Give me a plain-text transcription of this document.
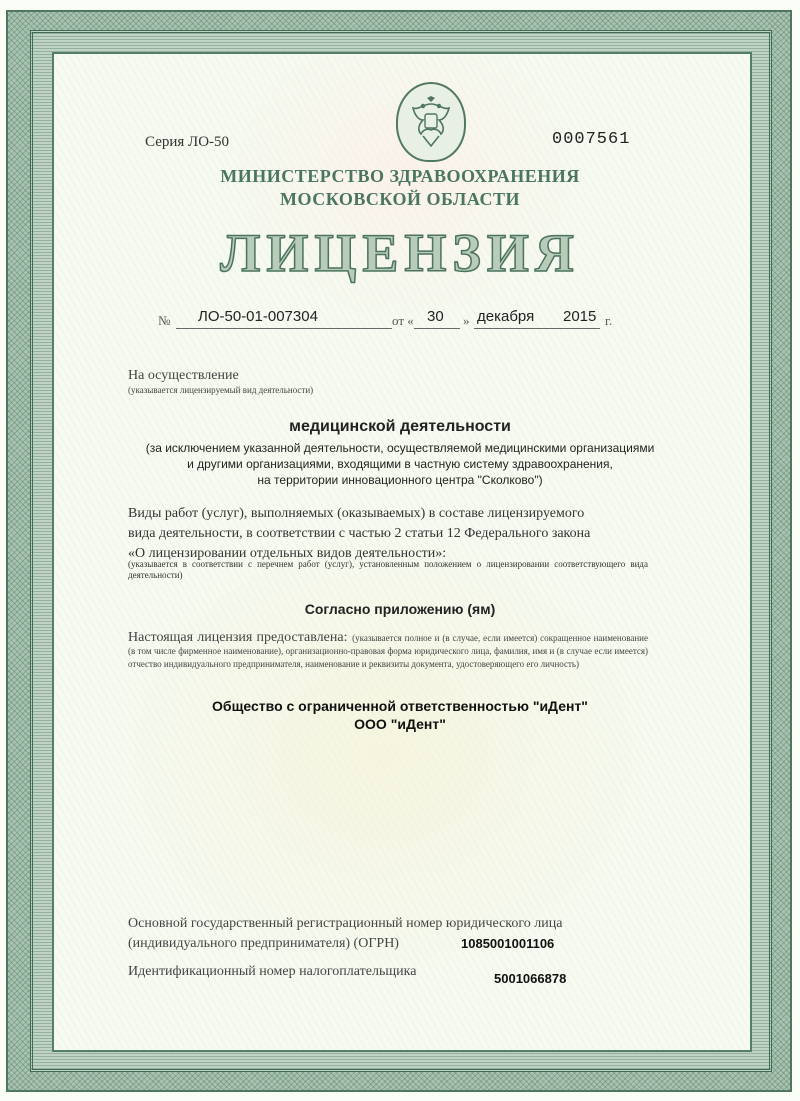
Серия ЛО-50	0007561
МИНИСТЕРСТВО ЗДРАВООХРАНЕНИЯ
МОСКОВСКОЙ ОБЛАСТИ
ЛИЦЕНЗИЯ
№ ЛО-50-01-007304	от « 30 » декабря 2015 г.
На осуществление
(указывается лицензируемый вид деятельности)
медицинской деятельности
(за исключением указанной деятельности, осуществляемой медицинскими организациями
и другими организациями, входящими в частную систему здравоохранения,
на территории инновационного центра "Сколково")
Виды работ (услуг), выполняемых (оказываемых) в составе лицензируемого
вида деятельности, в соответствии с частью 2 статьи 12 Федерального закона
«О лицензировании отдельных видов деятельности»:
(указывается в соответствии с перечнем работ (услуг), установленным положением о лицензировании соответствующего вида деятельности)
Согласно приложению (ям)
Настоящая лицензия предоставлена: (указывается полное и (в случае, если имеется) сокращенное наименование (в том числе фирменное наименование), организационно-правовая форма юридического лица, фамилия, имя и (в случае если имеется) отчество индивидуального предпринимателя, наименование и реквизиты документа, удостоверяющего его личность)
Общество с ограниченной ответственностью "иДент"
ООО "иДент"
Основной государственный регистрационный номер юридического лица
(индивидуального предпринимателя) (ОГРН)	1085001001106
Идентификационный номер налогоплательщика	5001066878
